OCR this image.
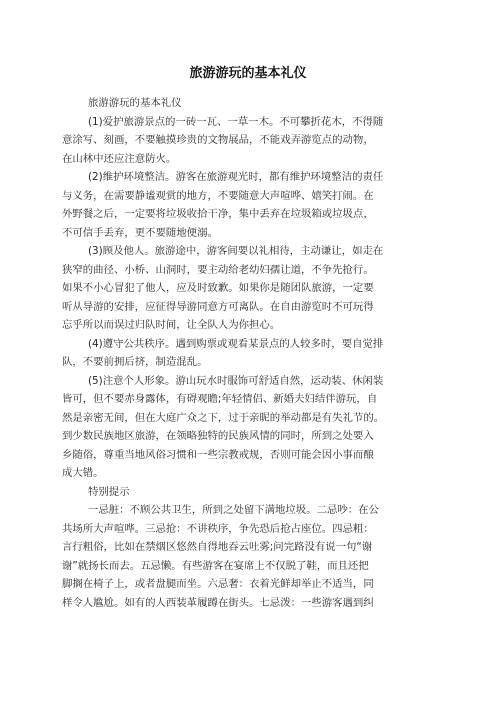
旅游游玩的基本礼仪
旅游游玩的基本礼仪
(1)爱护旅游景点的一砖一瓦、一草一木。不可攀折花木，不得随
意涂写、刻画，不要触摸珍贵的文物展品，不能戏弄游览点的动物，
在山林中还应注意防火。
(2)维护环境整洁。游客在旅游观光时，都有维护环境整洁的责任
与义务，在需要静谧观赏的地方，不要随意大声喧哗、嬉笑打闹。在
外野餐之后，一定要将垃圾收拾干净，集中丢弃在垃圾箱或垃圾点，
不可信手丢弃，更不要随地便溺。
(3)顾及他人。旅游途中，游客间要以礼相待，主动谦让，如走在
狭窄的曲径、小桥、山洞时，要主动给老幼妇孺让道，不争先抢行。
如果不小心冒犯了他人，应及时致歉。如果你是随团队旅游，一定要
听从导游的安排，应征得导游同意方可离队。在自由游览时不可玩得
忘乎所以而误过归队时间，让全队人为你担心。
(4)遵守公共秩序。遇到购票或观看某景点的人较多时，要自觉排
队，不要前拥后挤，制造混乱。
(5)注意个人形象。游山玩水时服饰可舒适自然，运动装、休闲装
皆可，但不要赤身露体，有碍观瞻;年轻情侣、新婚夫妇结伴游玩，自
然是亲密无间，但在大庭广众之下，过于亲昵的举动都是有失礼节的。
到少数民族地区旅游，在领略独特的民族风情的同时，所到之处要入
乡随俗，尊重当地风俗习惯和一些宗教戒规，否则可能会因小事而酿
成大错。
特别提示
一忌脏：不顾公共卫生，所到之处留下满地垃圾。二忌吵：在公
共场所大声喧哗。三忌抢：不讲秩序，争先恐后抢占座位。四忌粗：
言行粗俗，比如在禁烟区悠然自得地吞云吐雾;问完路没有说一句“谢
谢”就扬长而去。五忌懒。有些游客在宴席上不仅脱了鞋，而且还把
脚搁在椅子上，或者盘腿而坐。六忌奢：衣着光鲜却举止不适当，同
样令人尴尬。如有的人西装革履蹲在街头。七忌泼：一些游客遇到纠
